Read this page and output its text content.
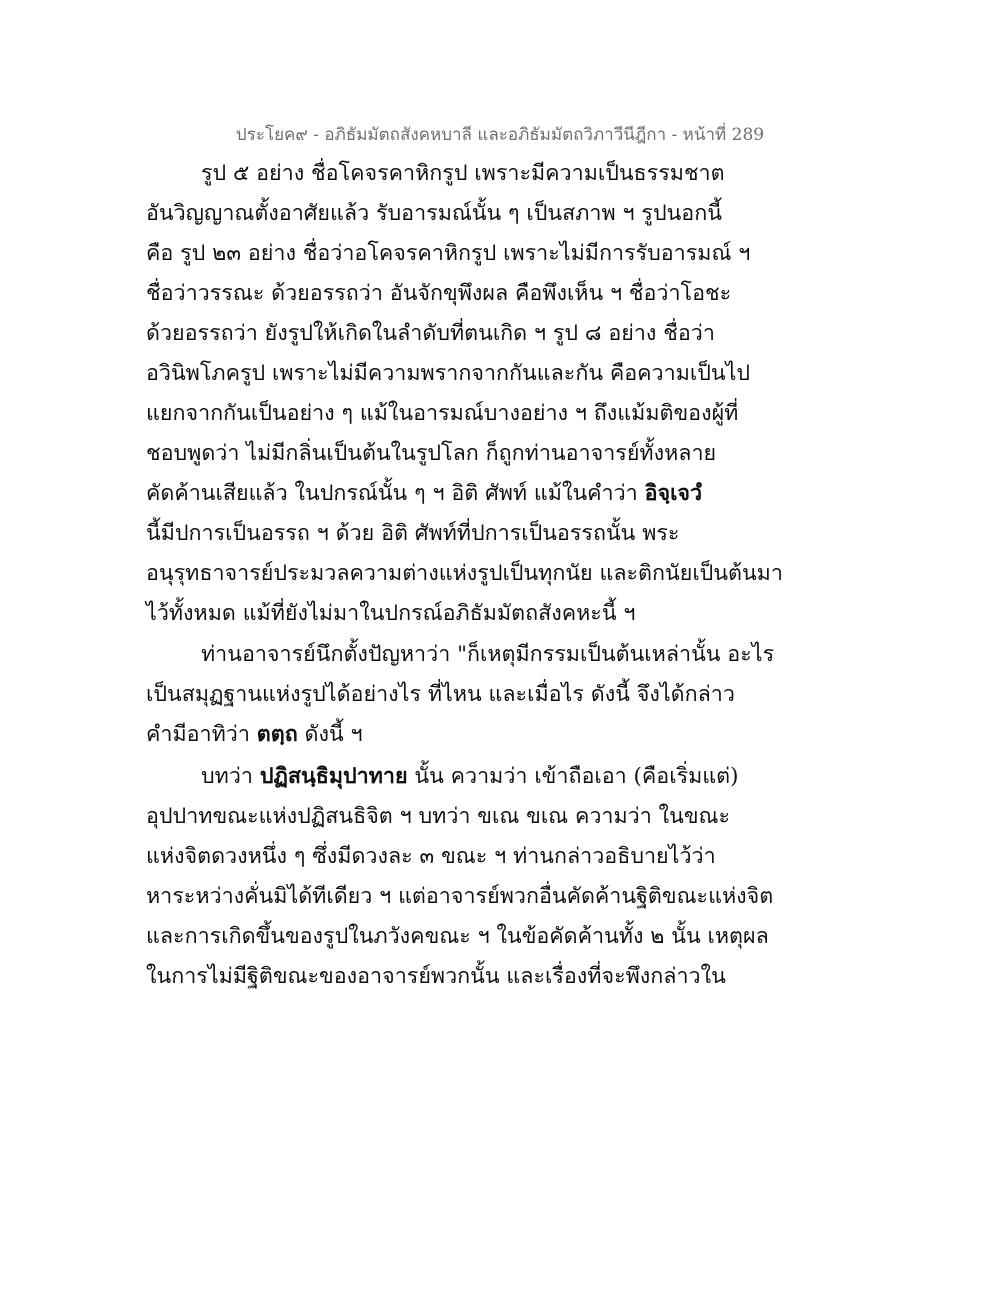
ประโยค๙ - อภิธัมมัตถสังคหบาลี และอภิธัมมัตถวิภาวีนีฎีกา - หน้าที่ 289
รูป ๕ อย่าง ชื่อโคจรคาหิกรูป เพราะมีความเป็นธรรมชาต
อันวิญญาณตั้งอาศัยแล้ว รับอารมณ์นั้น ๆ เป็นสภาพ ฯ รูปนอกนี้
คือ รูป ๒๓ อย่าง ชื่อว่าอโคจรคาหิกรูป เพราะไม่มีการรับอารมณ์ ฯ
ชื่อว่าวรรณะ ด้วยอรรถว่า อันจักขุพึงผล คือพึงเห็น ฯ ชื่อว่าโอชะ
ด้วยอรรถว่า ยังรูปให้เกิดในลำดับที่ตนเกิด ฯ รูป ๘ อย่าง ชื่อว่า
อวินิพโภครูป เพราะไม่มีความพรากจากกันและกัน คือความเป็นไป
แยกจากกันเป็นอย่าง ๆ แม้ในอารมณ์บางอย่าง ฯ ถึงแม้มติของผู้ที่
ชอบพูดว่า ไม่มีกลิ่นเป็นต้นในรูปโลก ก็ถูกท่านอาจารย์ทั้งหลาย
คัดค้านเสียแล้ว ในปกรณ์นั้น ๆ ฯ อิติ ศัพท์ แม้ในคำว่า อิจฺเจวํ
นี้มีปการเป็นอรรถ ฯ ด้วย อิติ ศัพท์ที่ปการเป็นอรรถนั้น พระ
อนุรุทธาจารย์ประมวลความต่างแห่งรูปเป็นทุกนัย และติกนัยเป็นต้นมา
ไว้ทั้งหมด แม้ที่ยังไม่มาในปกรณ์อภิธัมมัตถสังคหะนี้ ฯ
ท่านอาจารย์นึกตั้งปัญหาว่า "ก็เหตุมีกรรมเป็นต้นเหล่านั้น อะไร
เป็นสมุฏฐานแห่งรูปได้อย่างไร ที่ไหน และเมื่อไร ดังนี้ จึงได้กล่าว
คำมีอาทิว่า ตตฺถ ดังนี้ ฯ
บทว่า ปฏิสนฺธิมุปาทาย นั้น ความว่า เข้าถือเอา (คือเริ่มแต่)
อุปปาทขณะแห่งปฏิสนธิจิต ฯ บทว่า ขเณ ขเณ ความว่า ในขณะ
แห่งจิตดวงหนึ่ง ๆ ซึ่งมีดวงละ ๓ ขณะ ฯ ท่านกล่าวอธิบายไว้ว่า
หาระหว่างคั่นมิได้ทีเดียว ฯ แต่อาจารย์พวกอื่นคัดค้านฐิติขณะแห่งจิต
และการเกิดขึ้นของรูปในภวังคขณะ ฯ ในข้อคัดค้านทั้ง ๒ นั้น เหตุผล
ในการไม่มีฐิติขณะของอาจารย์พวกนั้น และเรื่องที่จะพึงกล่าวใน
